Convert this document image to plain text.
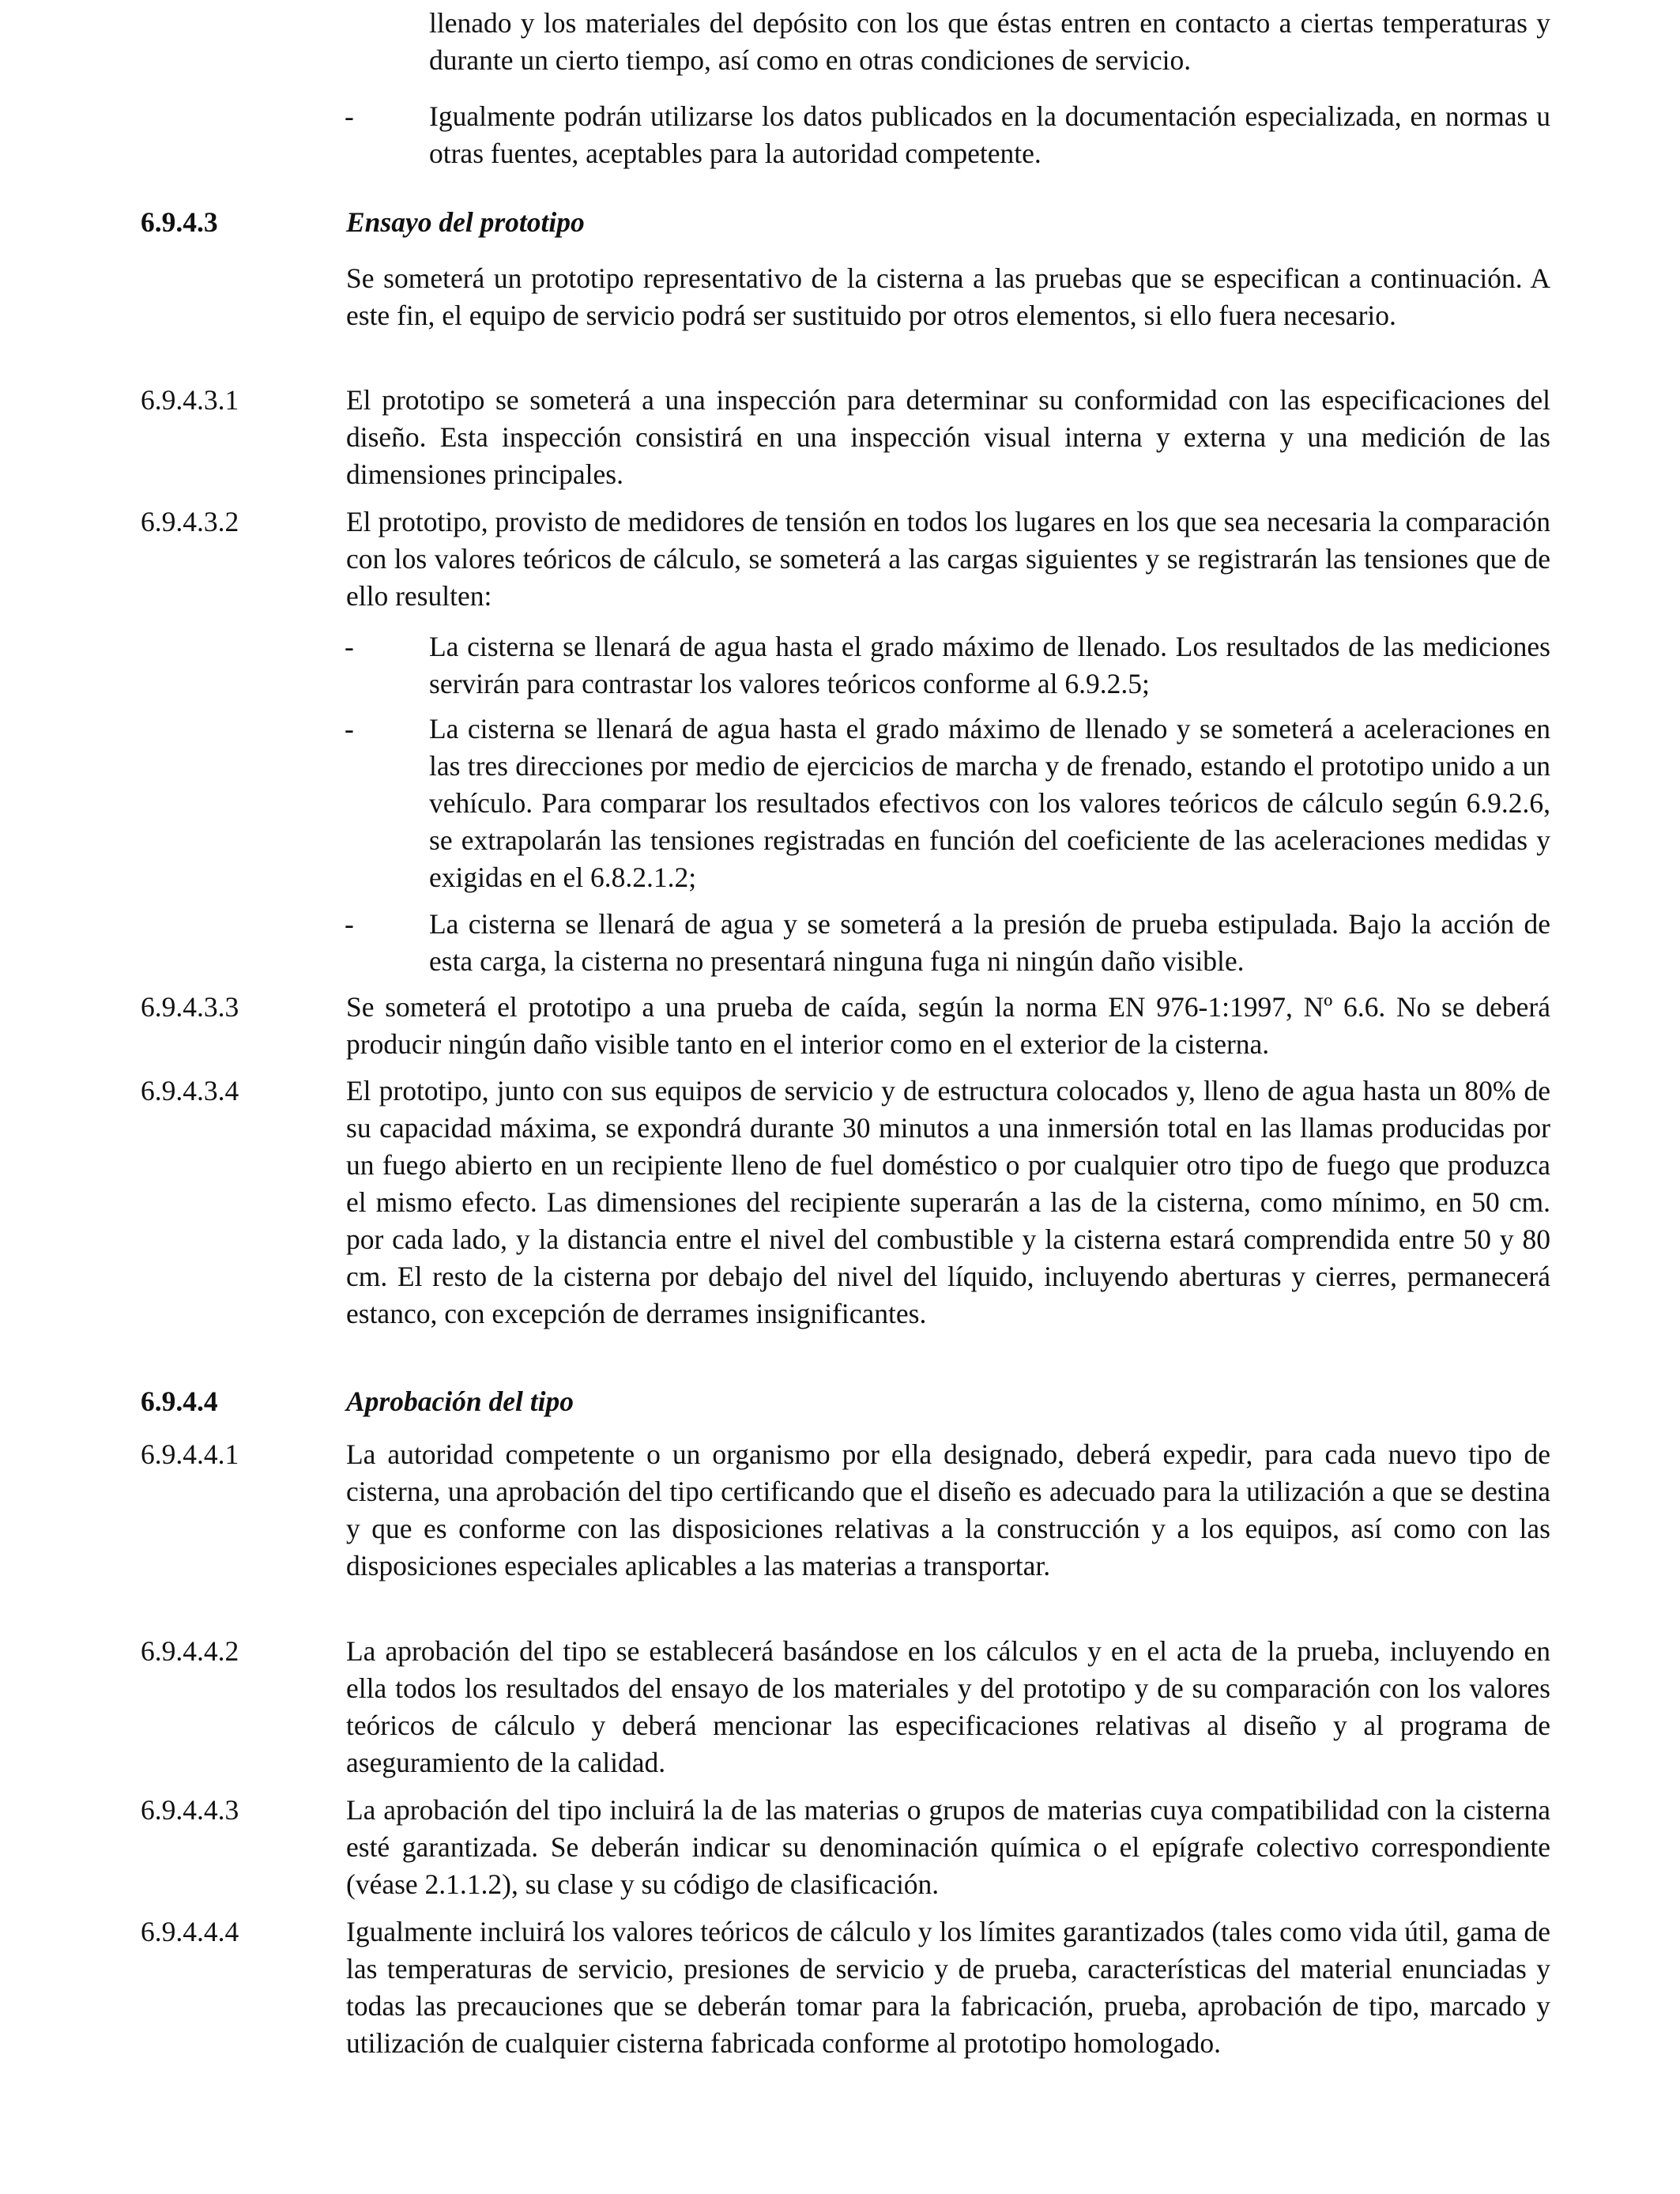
llenado y los materiales del depósito con los que éstas entren en contacto a ciertas temperaturas y durante un cierto tiempo, así como en otras condiciones de servicio.
-	Igualmente podrán utilizarse los datos publicados en la documentación especializada, en normas u otras fuentes, aceptables para la autoridad competente.
6.9.4.3	Ensayo del prototipo
Se someterá un prototipo representativo de la cisterna a las pruebas que se especifican a continuación. A este fin, el equipo de servicio podrá ser sustituido por otros elementos, si ello fuera necesario.
6.9.4.3.1	El prototipo se someterá a una inspección para determinar su conformidad con las especificaciones del diseño. Esta inspección consistirá en una inspección visual interna y externa y una medición de las dimensiones principales.
6.9.4.3.2	El prototipo, provisto de medidores de tensión en todos los lugares en los que sea necesaria la comparación con los valores teóricos de cálculo, se someterá a las cargas siguientes y se registrarán las tensiones que de ello resulten:
-	La cisterna se llenará de agua hasta el grado máximo de llenado. Los resultados de las mediciones servirán para contrastar los valores teóricos conforme al 6.9.2.5;
-	La cisterna se llenará de agua hasta el grado máximo de llenado y se someterá a aceleraciones en las tres direcciones por medio de ejercicios de marcha y de frenado, estando el prototipo unido a un vehículo. Para comparar los resultados efectivos con los valores teóricos de cálculo según 6.9.2.6, se extrapolarán las tensiones registradas en función del coeficiente de las aceleraciones medidas y exigidas en el 6.8.2.1.2;
-	La cisterna se llenará de agua y se someterá a la presión de prueba estipulada. Bajo la acción de esta carga, la cisterna no presentará ninguna fuga ni ningún daño visible.
6.9.4.3.3	Se someterá el prototipo a una prueba de caída, según la norma EN 976-1:1997, Nº 6.6. No se deberá producir ningún daño visible tanto en el interior como en el exterior de la cisterna.
6.9.4.3.4	El prototipo, junto con sus equipos de servicio y de estructura colocados y, lleno de agua hasta un 80% de su capacidad máxima, se expondrá durante 30 minutos a una inmersión total en las llamas producidas por un fuego abierto en un recipiente lleno de fuel doméstico o por cualquier otro tipo de fuego que produzca el mismo efecto. Las dimensiones del recipiente superarán a las de la cisterna, como mínimo, en 50 cm. por cada lado, y la distancia entre el nivel del combustible y la cisterna estará comprendida entre 50 y 80 cm. El resto de la cisterna por debajo del nivel del líquido, incluyendo aberturas y cierres, permanecerá estanco, con excepción de derrames insignificantes.
6.9.4.4	Aprobación del tipo
6.9.4.4.1	La autoridad competente o un organismo por ella designado, deberá expedir, para cada nuevo tipo de cisterna, una aprobación del tipo certificando que el diseño es adecuado para la utilización a que se destina y que es conforme con las disposiciones relativas a la construcción y a los equipos, así como con las disposiciones especiales aplicables a las materias a transportar.
6.9.4.4.2	La aprobación del tipo se establecerá basándose en los cálculos y en el acta de la prueba, incluyendo en ella todos los resultados del ensayo de los materiales y del prototipo y de su comparación con los valores teóricos de cálculo y deberá mencionar las especificaciones relativas al diseño y al programa de aseguramiento de la calidad.
6.9.4.4.3	La aprobación del tipo incluirá la de las materias o grupos de materias cuya compatibilidad con la cisterna esté garantizada. Se deberán indicar su denominación química o el epígrafe colectivo correspondiente (véase 2.1.1.2), su clase y su código de clasificación.
6.9.4.4.4	Igualmente incluirá los valores teóricos de cálculo y los límites garantizados (tales como vida útil, gama de las temperaturas de servicio, presiones de servicio y de prueba, características del material enunciadas y todas las precauciones que se deberán tomar para la fabricación, prueba, aprobación de tipo, marcado y utilización de cualquier cisterna fabricada conforme al prototipo homologado.
